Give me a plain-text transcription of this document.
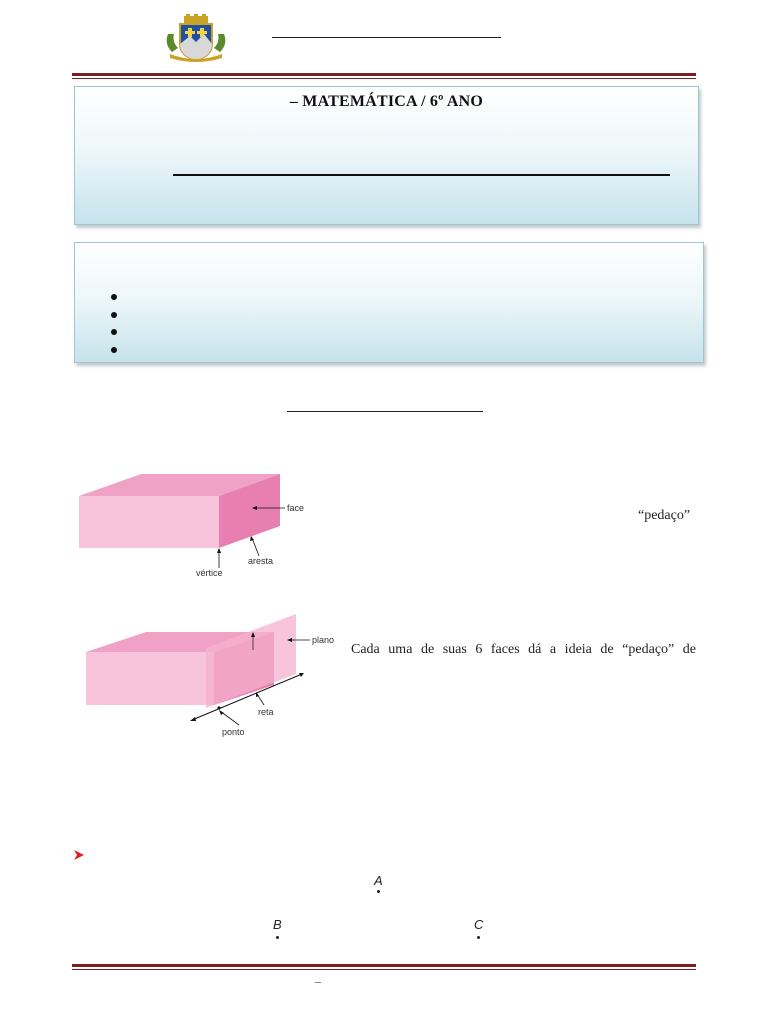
– MATEMÁTICA / 6º ANO
face
aresta
vértice
“pedaço”
plano
reta
ponto
Cada uma de suas 6 faces dá a ideia de “pedaço” de
A
B	C
–
